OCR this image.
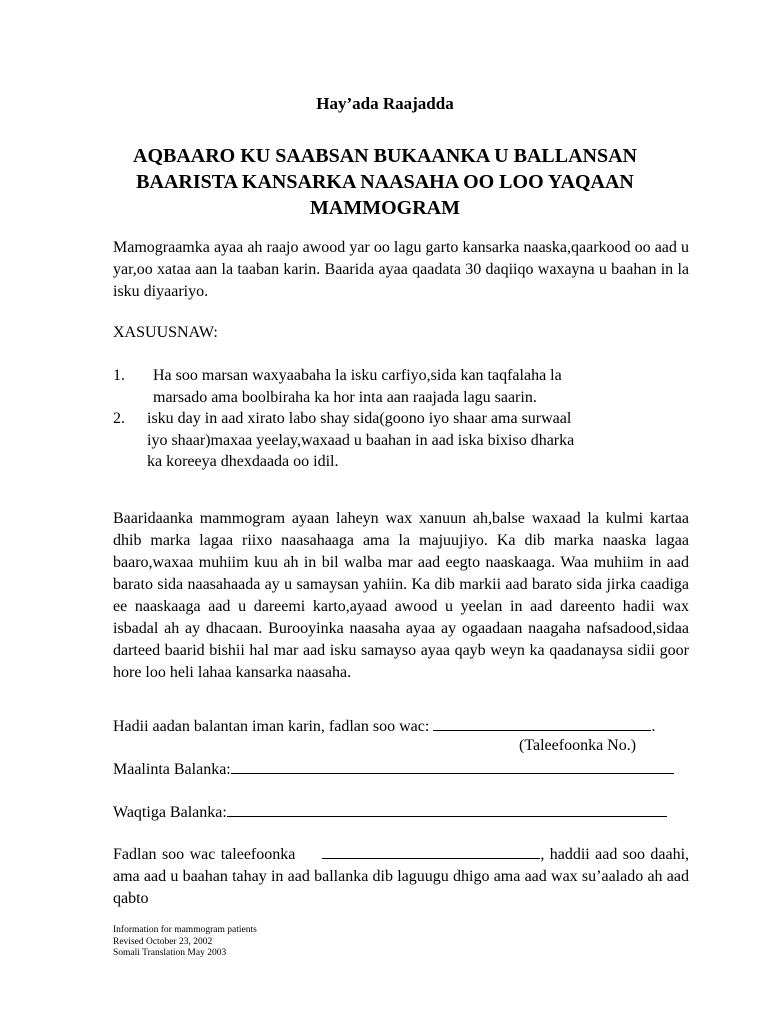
Hay’ada Raajadda
AQBAARO KU SAABSAN BUKAANKA U BALLANSAN BAARISTA KANSARKA NAASAHA OO LOO YAQAAN MAMMOGRAM
Mamograamka ayaa ah raajo awood yar oo lagu garto kansarka naaska,qaarkood oo aad u yar,oo xataa aan la taaban karin. Baarida ayaa qaadata 30 daqiiqo waxayna u baahan in la isku diyaariyo.
XASUUSNAW:
1.	Ha soo marsan waxyaabaha la isku carfiyo,sida kan taqfalaha la marsado ama boolbiraha ka hor inta aan raajada lagu saarin.
2.	isku day in aad xirato labo shay sida(goono iyo shaar ama surwaal iyo shaar)maxaa yeelay,waxaad u baahan in aad iska bixiso dharka ka koreeya dhexdaada oo idil.
Baaridaanka mammogram ayaan laheyn wax xanuun ah,balse waxaad la kulmi kartaa dhib marka lagaa riixo naasahaaga ama la majuujiyo. Ka dib marka naaska lagaa baaro,waxaa muhiim kuu ah in bil walba mar aad eegto naaskaaga. Waa muhiim in aad barato sida naasahaada ay u samaysan yahiin. Ka dib markii aad barato sida jirka caadiga ee naaskaaga aad u dareemi karto,ayaad awood u yeelan in aad dareento hadii wax isbadal ah ay dhacaan. Burooyinka naasaha ayaa ay ogaadaan naagaha nafsadood,sidaa darteed baarid bishii hal mar aad isku samayso ayaa qayb weyn ka qaadanaysa sidii goor hore loo heli lahaa kansarka naasaha.
Hadii aadan balantan iman karin, fadlan soo wac:	.
(Taleefoonka No.)
Maalinta Balanka:
Waqtiga Balanka:
Fadlan soo wac taleefoonka	, haddii aad soo daahi, ama aad u baahan tahay in aad ballanka dib laguugu dhigo ama aad wax su’aalado ah aad qabto
Information for mammogram patients
Revised October 23, 2002
Somali Translation May 2003
